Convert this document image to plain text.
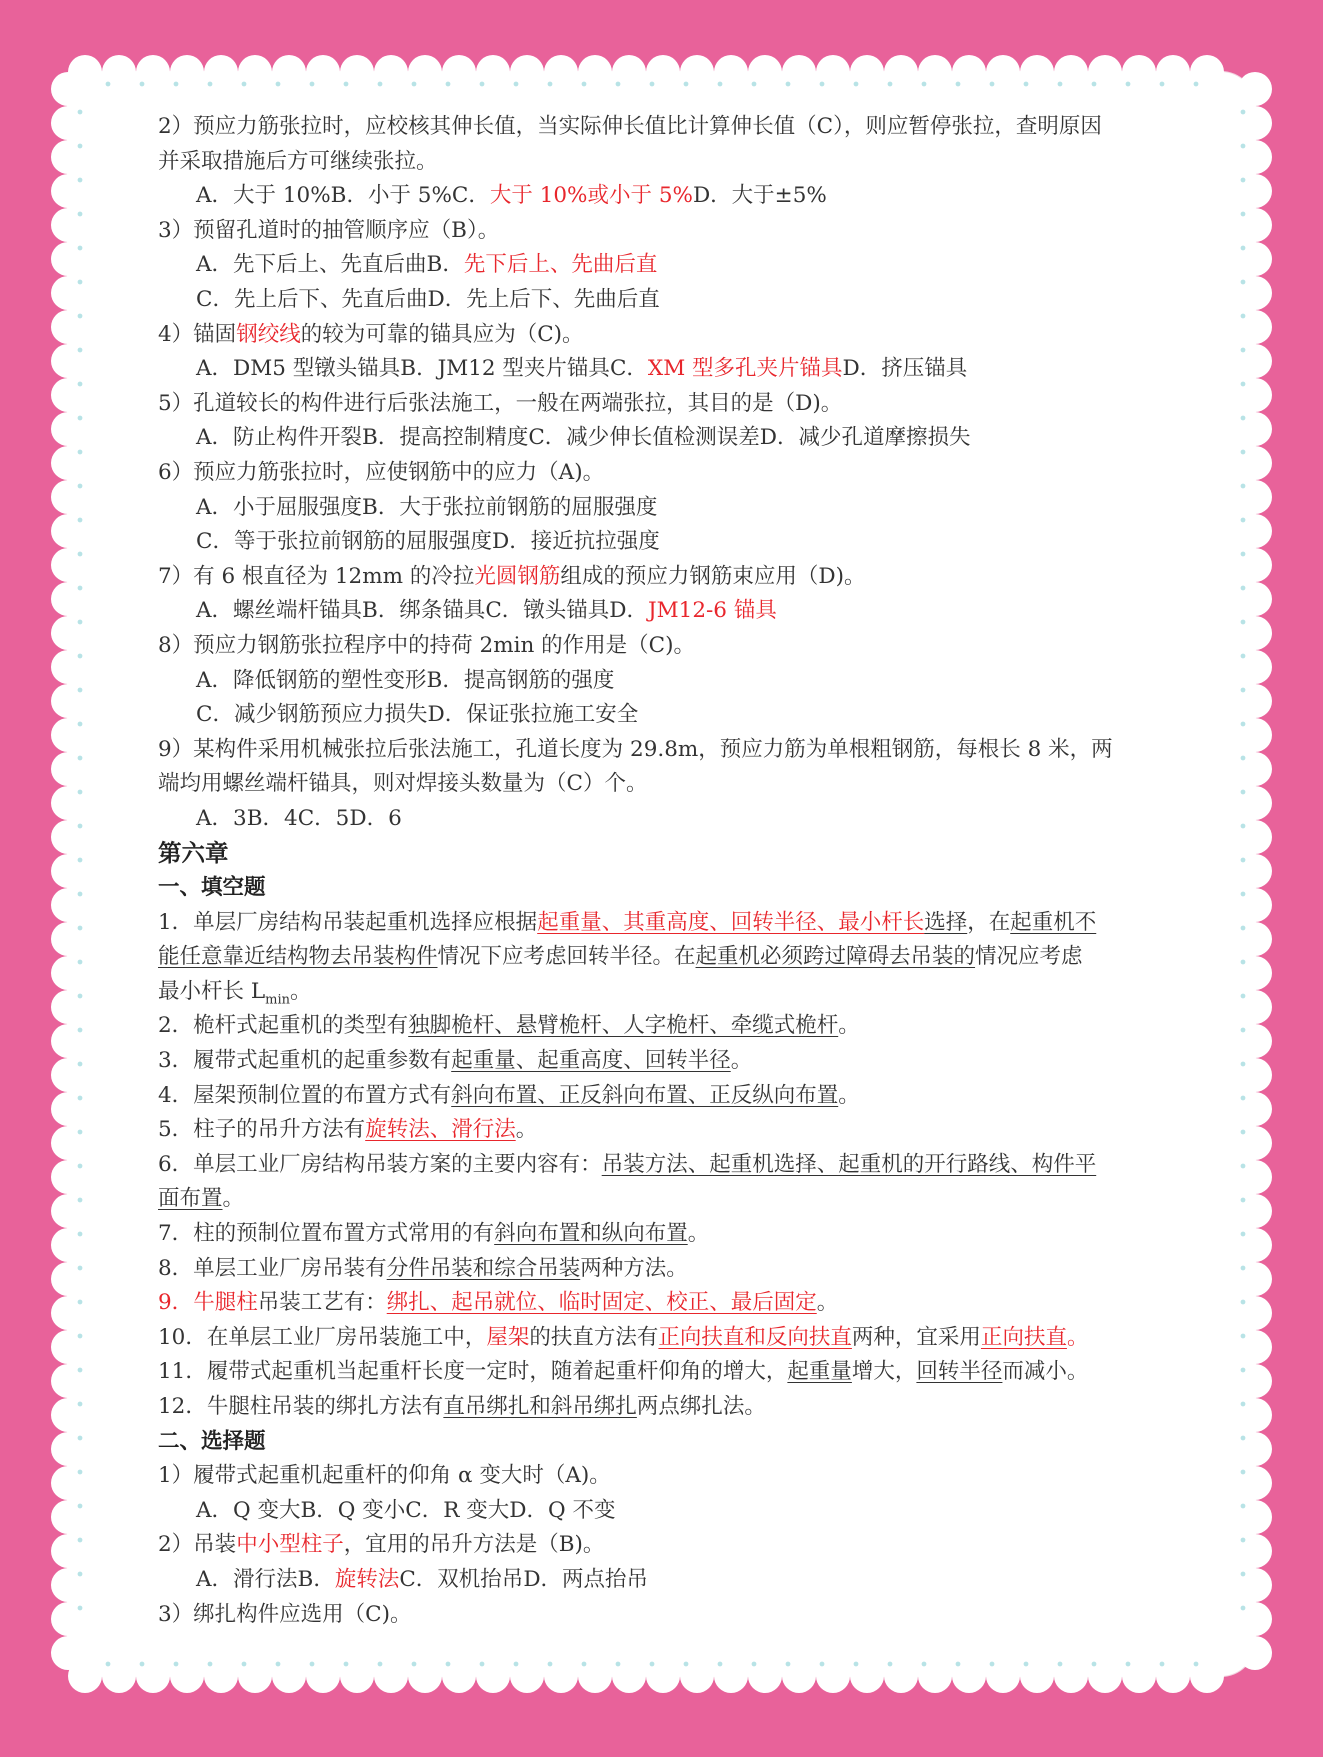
2）预应力筋张拉时，应校核其伸长值，当实际伸长值比计算伸长值（C），则应暂停张拉，查明原因
并采取措施后方可继续张拉。
A．大于 10%B．小于 5%C．大于 10%或小于 5%D．大于±5%
3）预留孔道时的抽管顺序应（B）。
A．先下后上、先直后曲B．先下后上、先曲后直
C．先上后下、先直后曲D．先上后下、先曲后直
4）锚固钢绞线的较为可靠的锚具应为（C)。
A．DM5 型镦头锚具B．JM12 型夹片锚具C．XM 型多孔夹片锚具D．挤压锚具
5）孔道较长的构件进行后张法施工，一般在两端张拉，其目的是（D)。
A．防止构件开裂B．提高控制精度C．减少伸长值检测误差D．减少孔道摩擦损失
6）预应力筋张拉时，应使钢筋中的应力（A)。
A．小于屈服强度B．大于张拉前钢筋的屈服强度
C．等于张拉前钢筋的屈服强度D．接近抗拉强度
7）有 6 根直径为 12mm 的冷拉光圆钢筋组成的预应力钢筋束应用（D)。
A．螺丝端杆锚具B．绑条锚具C．镦头锚具D．JM12-6 锚具
8）预应力钢筋张拉程序中的持荷 2min 的作用是（C)。
A．降低钢筋的塑性变形B．提高钢筋的强度
C．减少钢筋预应力损失D．保证张拉施工安全
9）某构件采用机械张拉后张法施工，孔道长度为 29.8m，预应力筋为单根粗钢筋，每根长 8 米，两
端均用螺丝端杆锚具，则对焊接头数量为（C）个。
A．3B．4C．5D．6
第六章
一、填空题
1．单层厂房结构吊装起重机选择应根据起重量、其重高度、回转半径、最小杆长选择，在起重机不
能任意靠近结构物去吊装构件情况下应考虑回转半径。在起重机必须跨过障碍去吊装的情况应考虑
最小杆长 $L_{min}$。
2．桅杆式起重机的类型有独脚桅杆、悬臂桅杆、人字桅杆、牵缆式桅杆。
3．履带式起重机的起重参数有起重量、起重高度、回转半径。
4．屋架预制位置的布置方式有斜向布置、正反斜向布置、正反纵向布置。
5．柱子的吊升方法有旋转法、滑行法。
6．单层工业厂房结构吊装方案的主要内容有：吊装方法、起重机选择、起重机的开行路线、构件平
面布置。
7．柱的预制位置布置方式常用的有斜向布置和纵向布置。
8．单层工业厂房吊装有分件吊装和综合吊装两种方法。
9．牛腿柱吊装工艺有：绑扎、起吊就位、临时固定、校正、最后固定。
10．在单层工业厂房吊装施工中，屋架的扶直方法有正向扶直和反向扶直两种，宜采用正向扶直。
11．履带式起重机当起重杆长度一定时，随着起重杆仰角的增大，起重量增大，回转半径而减小。
12．牛腿柱吊装的绑扎方法有直吊绑扎和斜吊绑扎两点绑扎法。
二、选择题
1）履带式起重机起重杆的仰角 α 变大时（A)。
A．Q 变大B．Q 变小C．R 变大D．Q 不变
2）吊装中小型柱子，宜用的吊升方法是（B)。
A．滑行法B．旋转法C．双机抬吊D．两点抬吊
3）绑扎构件应选用（C)。
